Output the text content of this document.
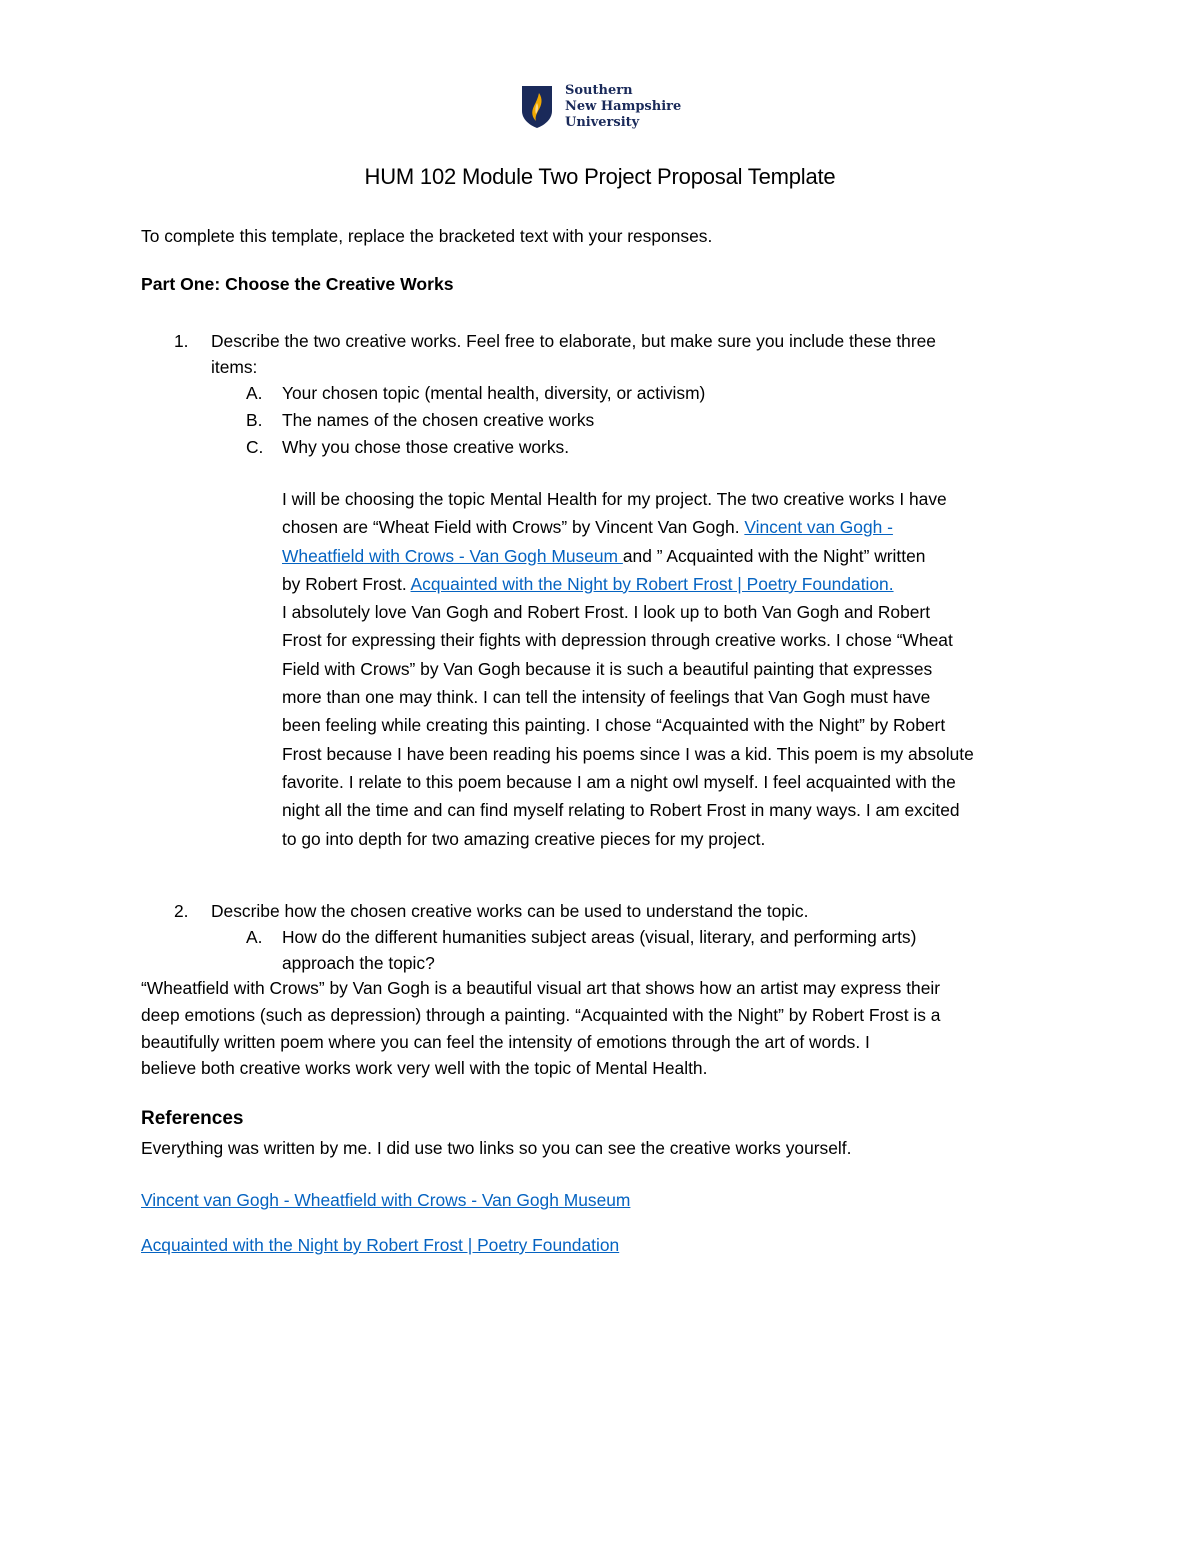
Southern
New Hampshire
University
HUM 102 Module Two Project Proposal Template

To complete this template, replace the bracketed text with your responses.

Part One: Choose the Creative Works

1. Describe the two creative works. Feel free to elaborate, but make sure you include these three

items:

A. Your chosen topic (mental health, diversity, or activism)

B. The names of the chosen creative works

C. Why you chose those creative works.

I will be choosing the topic Mental Health for my project. The two creative works I have
chosen are “Wheat Field with Crows” by Vincent Van Gogh. Vincent van Gogh -
Wheatfield with Crows - Van Gogh Museum and ” Acquainted with the Night” written
by Robert Frost. Acquainted with the Night by Robert Frost | Poetry Foundation.
I absolutely love Van Gogh and Robert Frost. I look up to both Van Gogh and Robert
Frost for expressing their fights with depression through creative works. I chose “Wheat
Field with Crows” by Van Gogh because it is such a beautiful painting that expresses
more than one may think. I can tell the intensity of feelings that Van Gogh must have
been feeling while creating this painting. I chose “Acquainted with the Night” by Robert
Frost because I have been reading his poems since I was a kid. This poem is my absolute
favorite. I relate to this poem because I am a night owl myself. I feel acquainted with the
night all the time and can find myself relating to Robert Frost in many ways. I am excited
to go into depth for two amazing creative pieces for my project.
2. Describe how the chosen creative works can be used to understand the topic.

A. How do the different humanities subject areas (visual, literary, and performing arts)

approach the topic?

“Wheatfield with Crows” by Van Gogh is a beautiful visual art that shows how an artist may express their
deep emotions (such as depression) through a painting. “Acquainted with the Night” by Robert Frost is a
beautifully written poem where you can feel the intensity of emotions through the art of words. I
believe both creative works work very well with the topic of Mental Health.

References

Everything was written by me. I did use two links so you can see the creative works yourself.

Vincent van Gogh - Wheatfield with Crows - Van Gogh Museum

Acquainted with the Night by Robert Frost | Poetry Foundation
